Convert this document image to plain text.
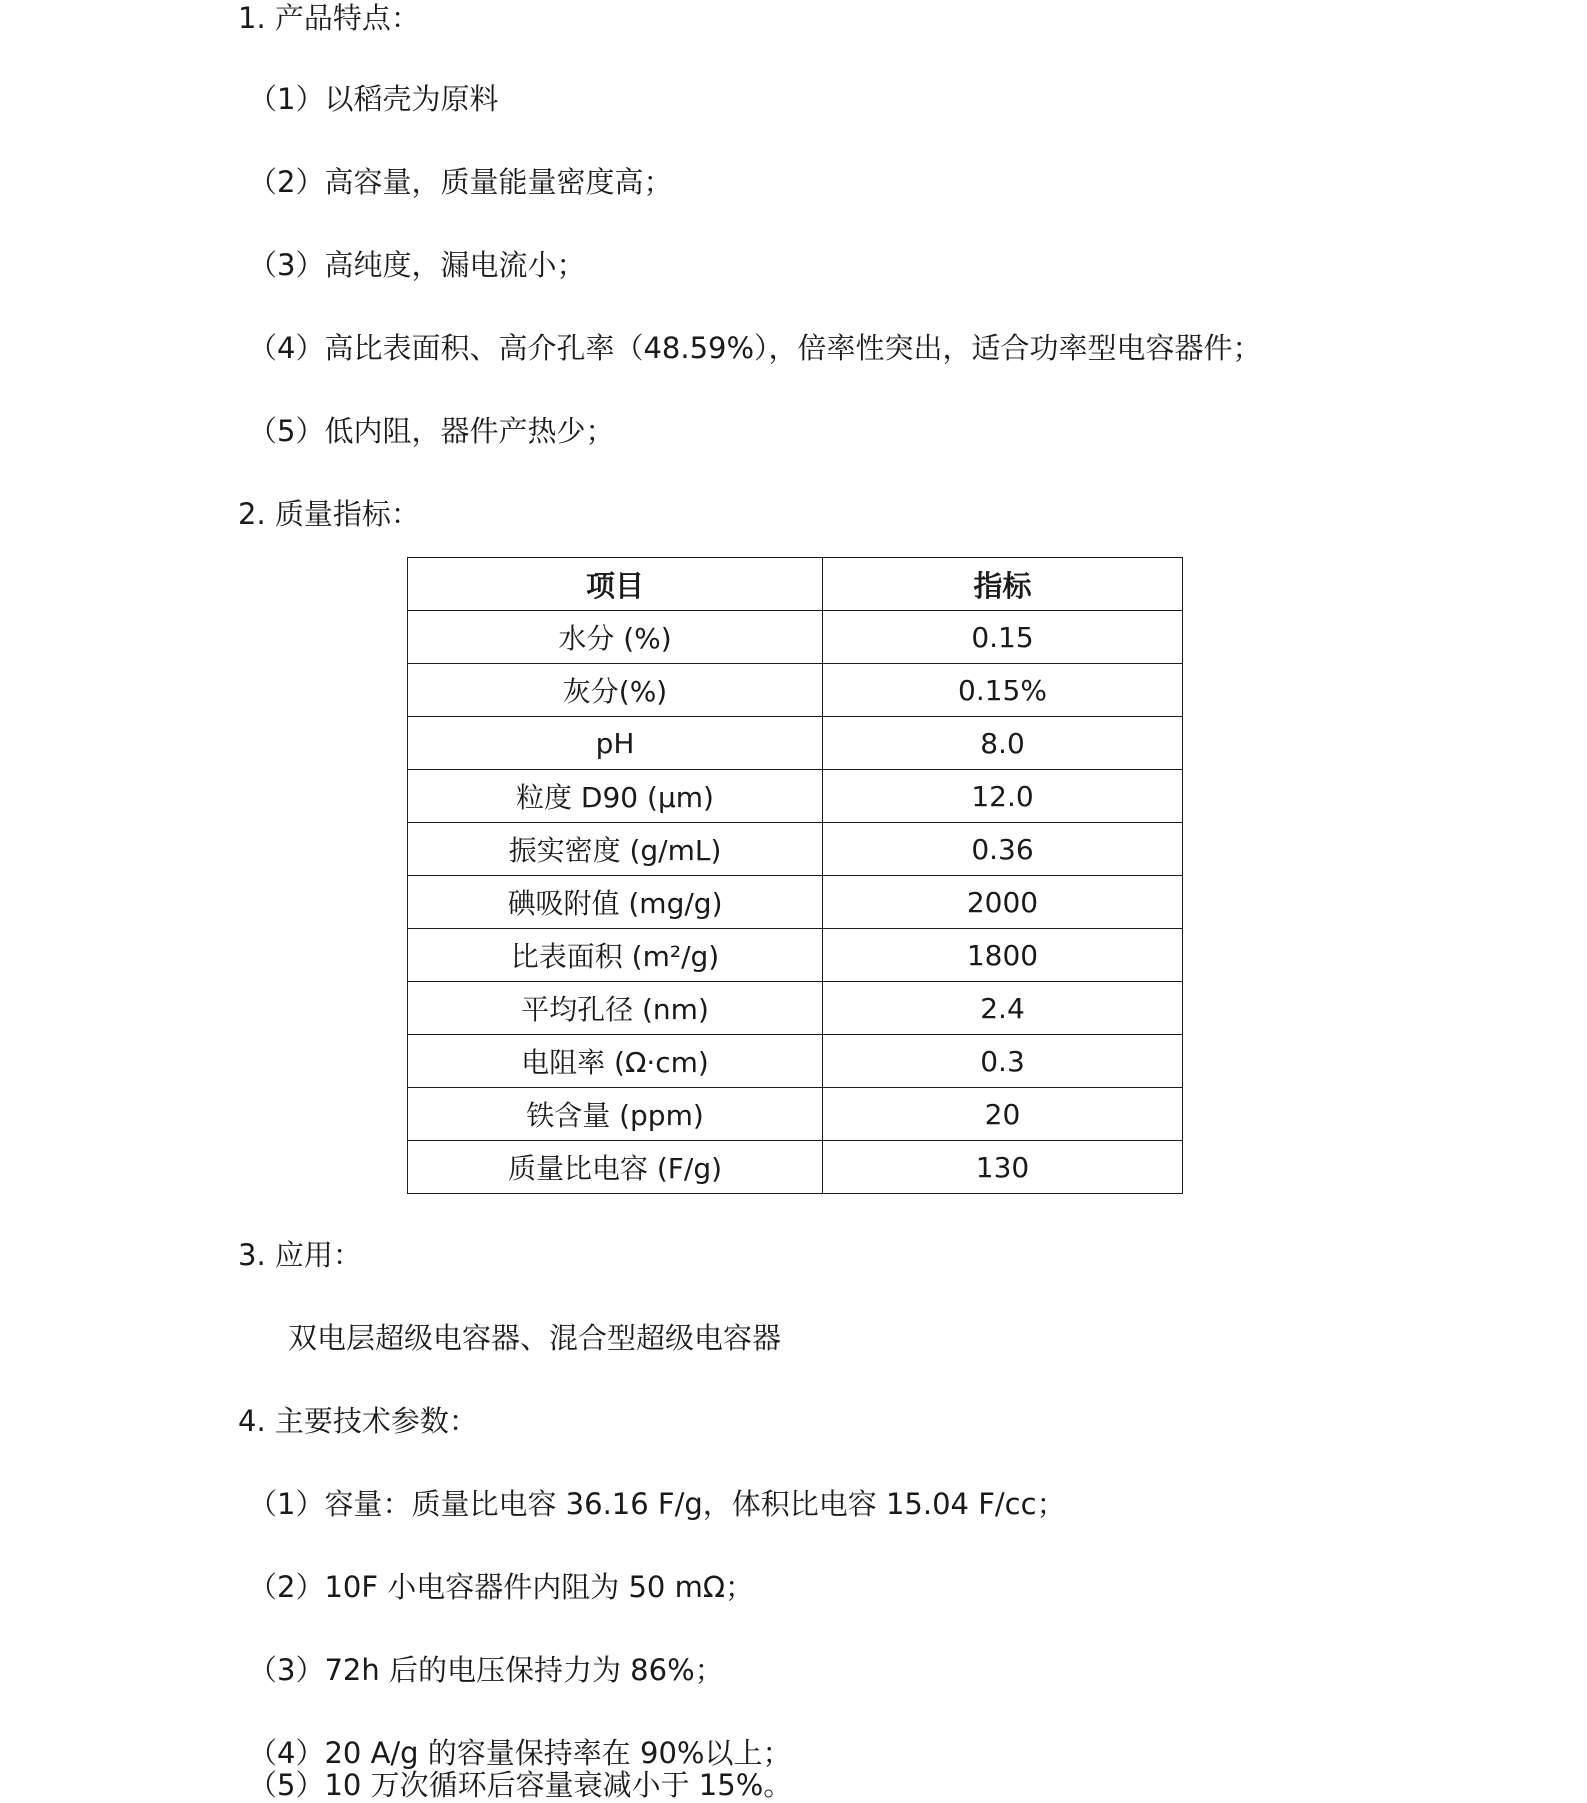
1. 产品特点：
（1）以稻壳为原料
（2）高容量，质量能量密度高；
（3）高纯度，漏电流小；
（4）高比表面积、高介孔率（48.59%），倍率性突出，适合功率型电容器件；
（5）低内阻，器件产热少；
2. 质量指标：
项目	指标
水分 (%)	0.15
灰分(%)	0.15%
pH	8.0
粒度 D90 (μm)	12.0
振实密度 (g/mL)	0.36
碘吸附值 (mg/g)	2000
比表面积 (m²/g)	1800
平均孔径 (nm)	2.4
电阻率 (Ω·cm)	0.3
铁含量 (ppm)	20
质量比电容 (F/g)	130
3. 应用：
双电层超级电容器、混合型超级电容器
4. 主要技术参数：
（1）容量：质量比电容 36.16 F/g，体积比电容 15.04 F/cc；
（2）10F 小电容器件内阻为 50 mΩ；
（3）72h 后的电压保持力为 86%；
（4）20 A/g 的容量保持率在 90%以上；
（5）10 万次循环后容量衰减小于 15%。
